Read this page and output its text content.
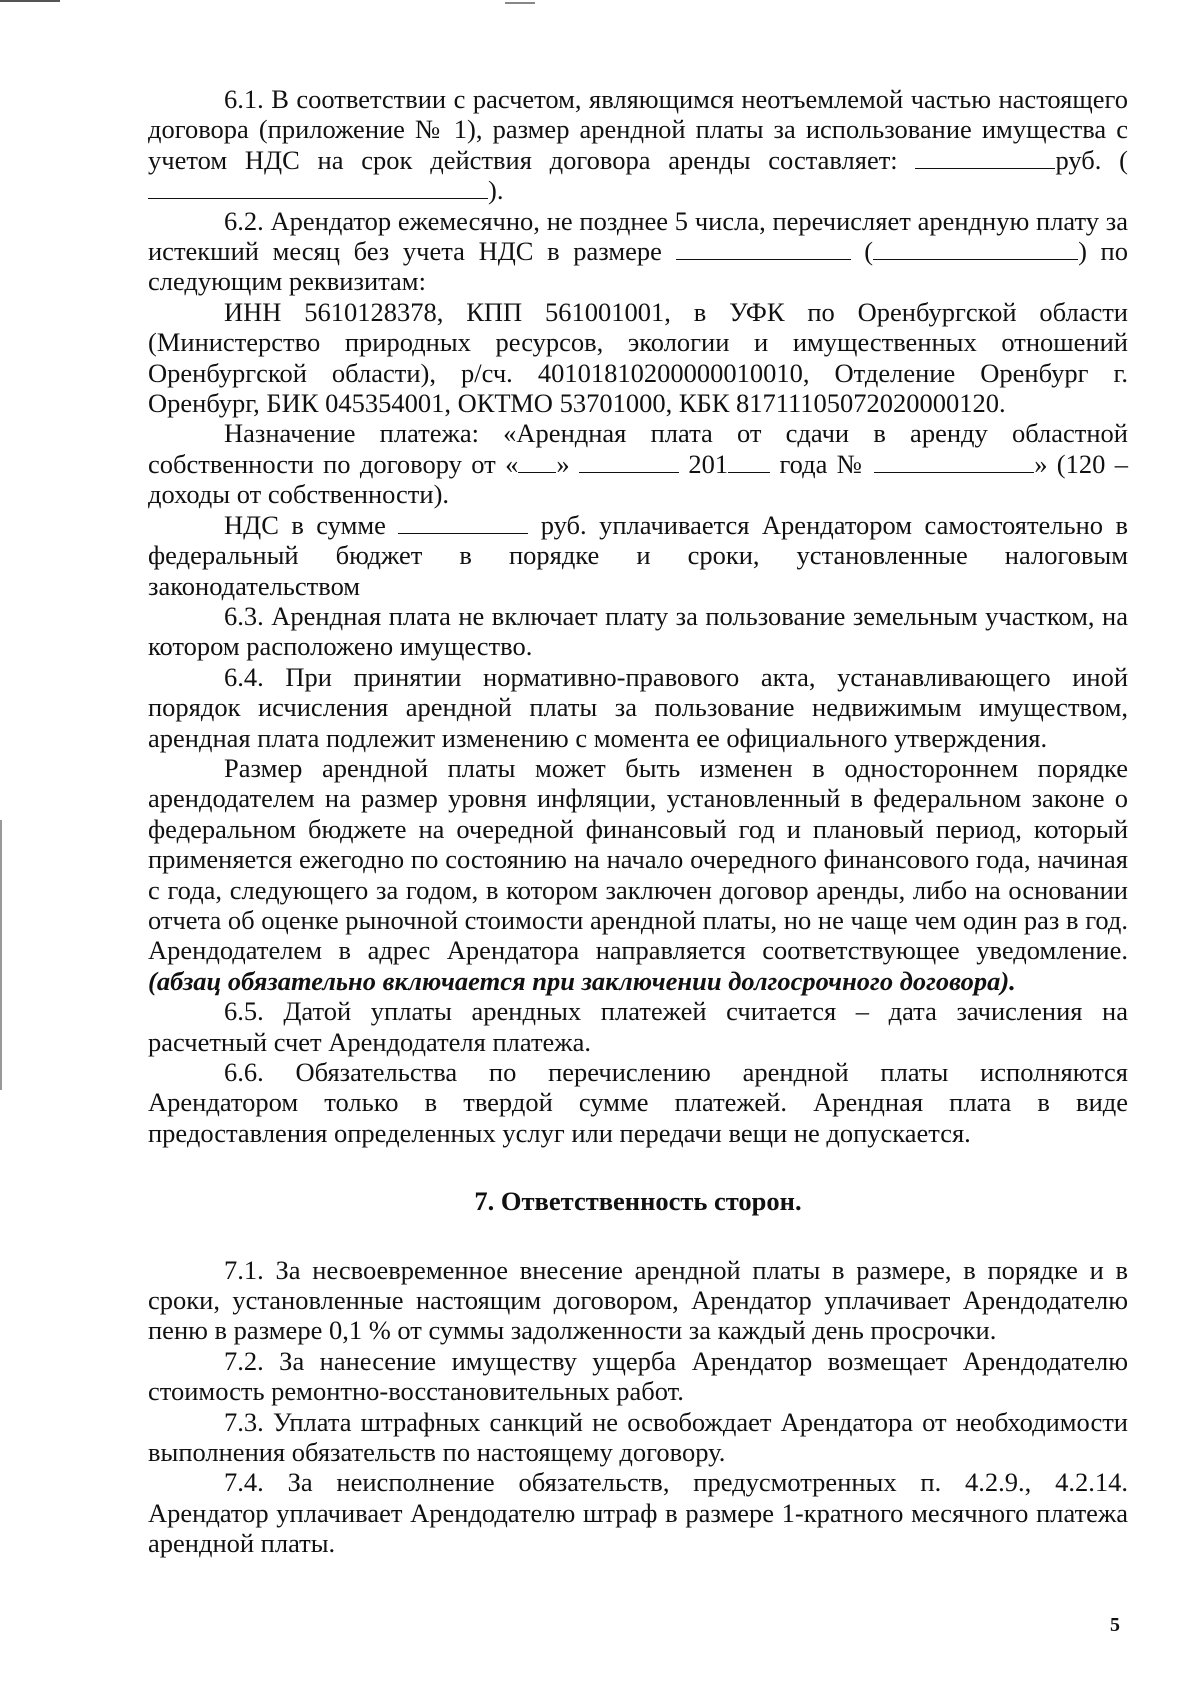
6.1. В соответствии с расчетом, являющимся неотъемлемой частью настоящего договора (приложение № 1), размер арендной платы за использование имущества с учетом НДС на срок действия договора аренды составляет:	руб. ().

6.2. Арендатор ежемесячно, не позднее 5 числа, перечисляет арендную плату за истекший месяц без учета НДС в размере	(	) по следующим реквизитам:

ИНН 5610128378, КПП 561001001, в УФК по Оренбургской области (Министерство природных ресурсов, экологии и имущественных отношений Оренбургской области), р/сч. 40101810200000010010, Отделение Оренбург г. Оренбург, БИК 045354001, ОКТМО 53701000, КБК 81711105072020000120.

Назначение платежа: «Арендная плата от сдачи в аренду областной собственности по договору от « »	201 года №	» (120 – доходы от собственности).

НДС в сумме	руб. уплачивается Арендатором самостоятельно в федеральный бюджет в порядке и сроки, установленные налоговым законодательством

6.3. Арендная плата не включает плату за пользование земельным участком, на котором расположено имущество.

6.4. При принятии нормативно-правового акта, устанавливающего иной порядок исчисления арендной платы за пользование недвижимым имуществом, арендная плата подлежит изменению с момента ее официального утверждения.

Размер арендной платы может быть изменен в одностороннем порядке арендодателем на размер уровня инфляции, установленный в федеральном законе о федеральном бюджете на очередной финансовый год и плановый период, который применяется ежегодно по состоянию на начало очередного финансового года, начиная с года, следующего за годом, в котором заключен договор аренды, либо на основании отчета об оценке рыночной стоимости арендной платы, но не чаще чем один раз в год. Арендодателем в адрес Арендатора направляется соответствующее уведомление. (абзац обязательно включается при заключении долгосрочного договора).

6.5. Датой уплаты арендных платежей считается – дата зачисления на расчетный счет Арендодателя платежа.

6.6. Обязательства по перечислению арендной платы исполняются Арендатором только в твердой сумме платежей. Арендная плата в виде предоставления определенных услуг или передачи вещи не допускается.

7. Ответственность сторон.

7.1. За несвоевременное внесение арендной платы в размере, в порядке и в сроки, установленные настоящим договором, Арендатор уплачивает Арендодателю пеню в размере 0,1 % от суммы задолженности за каждый день просрочки.

7.2. За нанесение имуществу ущерба Арендатор возмещает Арендодателю стоимость ремонтно-восстановительных работ.

7.3. Уплата штрафных санкций не освобождает Арендатора от необходимости выполнения обязательств по настоящему договору.

7.4. За неисполнение обязательств, предусмотренных п. 4.2.9., 4.2.14. Арендатор уплачивает Арендодателю штраф в размере 1-кратного месячного платежа арендной платы.

5
